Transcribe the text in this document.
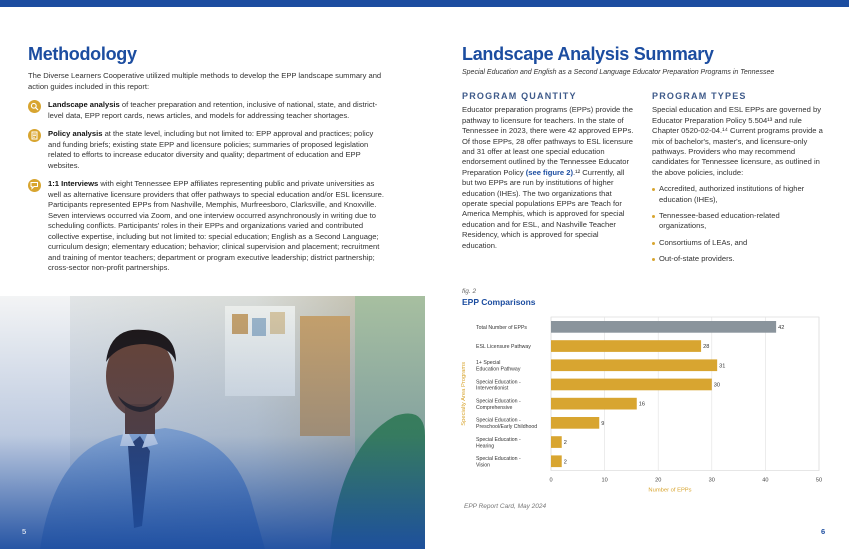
Methodology
The Diverse Learners Cooperative utilized multiple methods to develop the EPP landscape summary and action guides included in this report:
Landscape analysis of teacher preparation and retention, inclusive of national, state, and district-level data, EPP report cards, news articles, and models for addressing teacher shortages.
Policy analysis at the state level, including but not limited to: EPP approval and practices; policy and funding briefs; existing state EPP and licensure policies; summaries of proposed legislation related to efforts to increase educator diversity and quality; department of education and EPP websites.
1:1 Interviews with eight Tennessee EPP affiliates representing public and private universities as well as alternative licensure providers that offer pathways to special education and/or ESL licensure. Participants represented EPPs from Nashville, Memphis, Murfreesboro, Clarksville, and Knoxville. Seven interviews occurred via Zoom, and one interview occurred asynchronously in writing due to scheduling conflicts. Participants' roles in their EPPs and organizations varied and contributed collective expertise, including but not limited to: special education; English as a Second Language; curriculum design; elementary education; behavior; clinical supervision and placement; recruitment and training of mentor teachers; department or program executive leadership; district partnership; cross-sector non-profit partnerships.
5
Landscape Analysis Summary
Special Education and English as a Second Language Educator Preparation Programs in Tennessee
PROGRAM QUANTITY
Educator preparation programs (EPPs) provide the pathway to licensure for teachers. In the state of Tennessee in 2023, there were 42 approved EPPs. Of those EPPs, 28 offer pathways to ESL licensure and 31 offer at least one special education endorsement outlined by the Tennessee Educator Preparation Policy (see figure 2).¹² Currently, all but two EPPs are run by institutions of higher education (IHEs). The two organizations that operate special populations EPPs are Teach for America Memphis, which is approved for special education and for ESL, and Nashville Teacher Residency, which is approved for special education.
PROGRAM TYPES
Special education and ESL EPPs are governed by Educator Preparation Policy 5.504¹³ and rule Chapter 0520-02-04.¹⁴ Current programs provide a mix of bachelor's, master's, and licensure-only pathways. Providers who may recommend candidates for Tennessee licensure, as outlined in the above policies, include:
Accredited, authorized institutions of higher education (IHEs),
Tennessee-based education-related organizations,
Consortiums of LEAs, and
Out-of-state providers.
fig. 2
EPP Comparisons
0	10	20	30	40	50
42
Total Number of EPPs
28
ESL Licensure Pathway
31
1+ Special Education Pathway
30
Special Education -Interventionist
16
Special Education -Comprehensive
9
Special Education -Preschool/Early Childhood
2
Special Education -Hearing
2
Special Education -Vision
Number of EPPs
Specialty Area Programs
EPP Report Card, May 2024
6
